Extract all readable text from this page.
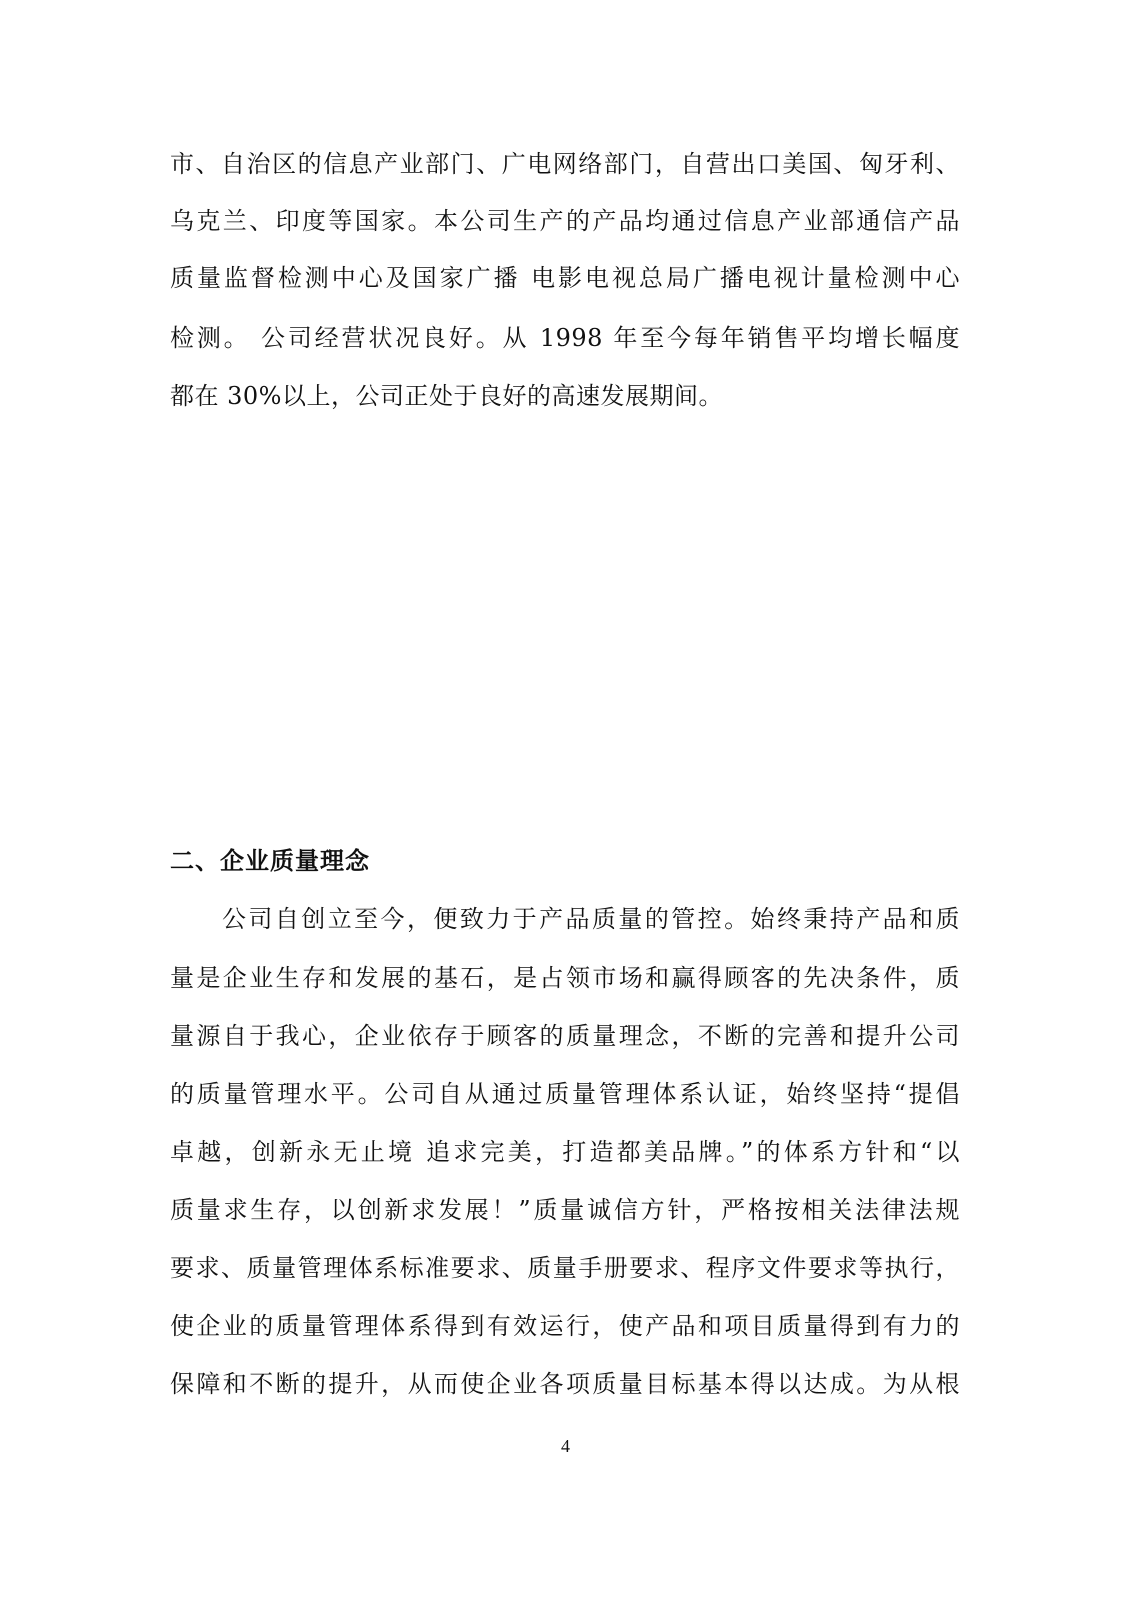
市、自治区的信息产业部门、广电网络部门，自营出口美国、匈牙利、
乌克兰、印度等国家。本公司生产的产品均通过信息产业部通信产品
质量监督检测中心及国家广播 电影电视总局广播电视计量检测中心
检测。 公司经营状况良好。从 1998 年至今每年销售平均增长幅度
都在 30%以上，公司正处于良好的高速发展期间。
二、企业质量理念
公司自创立至今，便致力于产品质量的管控。始终秉持产品和质
量是企业生存和发展的基石，是占领市场和赢得顾客的先决条件，质
量源自于我心，企业依存于顾客的质量理念，不断的完善和提升公司
的质量管理水平。公司自从通过质量管理体系认证，始终坚持“提倡
卓越，创新永无止境 追求完美，打造都美品牌。”的体系方针和“以
质量求生存，以创新求发展！”质量诚信方针，严格按相关法律法规
要求、质量管理体系标准要求、质量手册要求、程序文件要求等执行，
使企业的质量管理体系得到有效运行，使产品和项目质量得到有力的
保障和不断的提升，从而使企业各项质量目标基本得以达成。为从根
4
